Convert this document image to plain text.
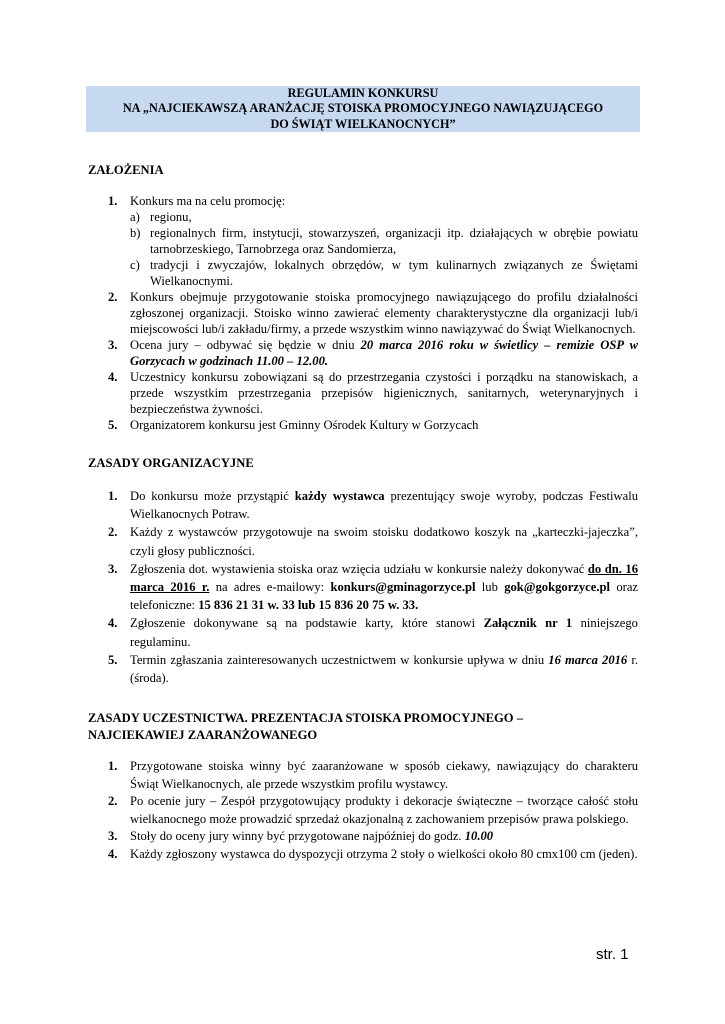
REGULAMIN KONKURSU
NA „NAJCIEKAWSZĄ ARANŻACJĘ STOISKA PROMOCYJNEGO NAWIĄZUJĄCEGO
DO ŚWIĄT WIELKANOCNYCH”
ZAŁOŻENIA
1. Konkurs ma na celu promocję:
a) regionu,
b) regionalnych firm, instytucji, stowarzyszeń, organizacji itp. działających w obrębie powiatu tarnobrzeskiego, Tarnobrzega oraz Sandomierza,
c) tradycji i zwyczajów, lokalnych obrzędów, w tym kulinarnych związanych ze Świętami Wielkanocnymi.
2. Konkurs obejmuje przygotowanie stoiska promocyjnego nawiązującego do profilu działalności zgłoszonej organizacji. Stoisko winno zawierać elementy charakterystyczne dla organizacji lub/i miejscowości lub/i zakładu/firmy, a przede wszystkim winno nawiązywać do Świąt Wielkanocnych.
3. Ocena jury – odbywać się będzie w dniu 20 marca 2016 roku w świetlicy – remizie OSP w Gorzycach w godzinach 11.00 – 12.00.
4. Uczestnicy konkursu zobowiązani są do przestrzegania czystości i porządku na stanowiskach, a przede wszystkim przestrzegania przepisów higienicznych, sanitarnych, weterynaryjnych i bezpieczeństwa żywności.
5. Organizatorem konkursu jest Gminny Ośrodek Kultury w Gorzycach
ZASADY ORGANIZACYJNE
1. Do konkursu może przystąpić każdy wystawca prezentujący swoje wyroby, podczas Festiwalu Wielkanocnych Potraw.
2. Każdy z wystawców przygotowuje na swoim stoisku dodatkowo koszyk na „karteczki-jajeczka”, czyli głosy publiczności.
3. Zgłoszenia dot. wystawienia stoiska oraz wzięcia udziału w konkursie należy dokonywać do dn. 16 marca 2016 r. na adres e-mailowy: konkurs@gminagorzyce.pl lub gok@gokgorzyce.pl oraz telefoniczne: 15 836 21 31 w. 33 lub 15 836 20 75 w. 33.
4. Zgłoszenie dokonywane są na podstawie karty, które stanowi Załącznik nr 1 niniejszego regulaminu.
5. Termin zgłaszania zainteresowanych uczestnictwem w konkursie upływa w dniu 16 marca 2016 r. (środa).
ZASADY UCZESTNICTWA. PREZENTACJA STOISKA PROMOCYJNEGO –
NAJCIEKAWIEJ ZAARANŻOWANEGO
1. Przygotowane stoiska winny być zaaranżowane w sposób ciekawy, nawiązujący do charakteru Świąt Wielkanocnych, ale przede wszystkim profilu wystawcy.
2. Po ocenie jury – Zespół przygotowujący produkty i dekoracje świąteczne – tworzące całość stołu wielkanocnego może prowadzić sprzedaż okazjonalną z zachowaniem przepisów prawa polskiego.
3. Stoły do oceny jury winny być przygotowane najpóźniej do godz. 10.00
4. Każdy zgłoszony wystawca do dyspozycji otrzyma 2 stoły o wielkości około 80 cmx100 cm (jeden).
str. 1
